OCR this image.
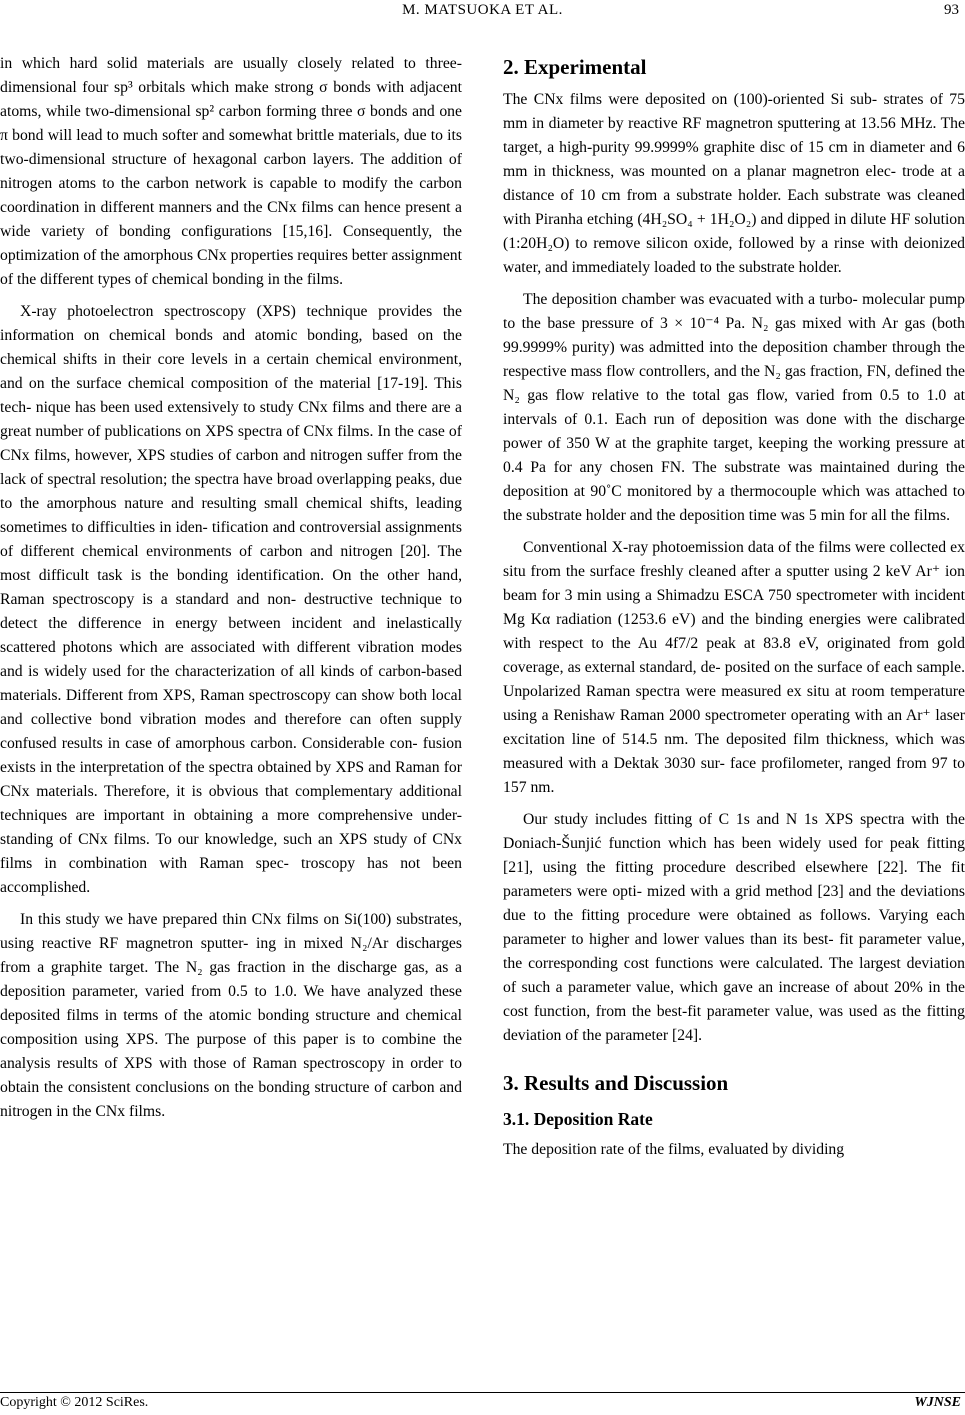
M. MATSUOKA ET AL.	93

in which hard solid materials are usually closely related to three-dimensional four sp³ orbitals which make strong σ bonds with adjacent atoms, while two-dimensional sp² carbon forming three σ bonds and one π bond will lead to much softer and somewhat brittle materials, due to its two-dimensional structure of hexagonal carbon layers. The addition of nitrogen atoms to the carbon network is capable to modify the carbon coordination in different manners and the CNx films can hence present a wide variety of bonding configurations [15,16]. Consequently, the optimization of the amorphous CNx properties requires better assignment of the different types of chemical bonding in the films.

X-ray photoelectron spectroscopy (XPS) technique provides the information on chemical bonds and atomic bonding, based on the chemical shifts in their core levels in a certain chemical environment, and on the surface chemical composition of the material [17-19]. This tech- nique has been used extensively to study CNx films and there are a great number of publications on XPS spectra of CNx films. In the case of CNx films, however, XPS studies of carbon and nitrogen suffer from the lack of spectral resolution; the spectra have broad overlapping peaks, due to the amorphous nature and resulting small chemical shifts, leading sometimes to difficulties in iden- tification and controversial assignments of different chemical environments of carbon and nitrogen [20]. The most difficult task is the bonding identification. On the other hand, Raman spectroscopy is a standard and non- destructive technique to detect the difference in energy between incident and inelastically scattered photons which are associated with different vibration modes and is widely used for the characterization of all kinds of carbon-based materials. Different from XPS, Raman spectroscopy can show both local and collective bond vibration modes and therefore can often supply confused results in case of amorphous carbon. Considerable con- fusion exists in the interpretation of the spectra obtained by XPS and Raman for CNx materials. Therefore, it is obvious that complementary additional techniques are important in obtaining a more comprehensive under- standing of CNx films. To our knowledge, such an XPS study of CNx films in combination with Raman spec- troscopy has not been accomplished.

In this study we have prepared thin CNx films on Si(100) substrates, using reactive RF magnetron sputter- ing in mixed N₂/Ar discharges from a graphite target. The N₂ gas fraction in the discharge gas, as a deposition parameter, varied from 0.5 to 1.0. We have analyzed these deposited films in terms of the atomic bonding structure and chemical composition using XPS. The purpose of this paper is to combine the analysis results of XPS with those of Raman spectroscopy in order to obtain the consistent conclusions on the bonding structure of carbon and nitrogen in the CNx films.

2. Experimental

The CNx films were deposited on (100)-oriented Si sub- strates of 75 mm in diameter by reactive RF magnetron sputtering at 13.56 MHz. The target, a high-purity 99.9999% graphite disc of 15 cm in diameter and 6 mm in thickness, was mounted on a planar magnetron elec- trode at a distance of 10 cm from a substrate holder. Each substrate was cleaned with Piranha etching (4H₂SO₄ + 1H₂O₂) and dipped in dilute HF solution (1:20H₂O) to remove silicon oxide, followed by a rinse with deionized water, and immediately loaded to the substrate holder.

The deposition chamber was evacuated with a turbo- molecular pump to the base pressure of 3 × 10⁻⁴ Pa. N₂ gas mixed with Ar gas (both 99.9999% purity) was admitted into the deposition chamber through the respective mass flow controllers, and the N₂ gas fraction, FN, defined the N₂ gas flow relative to the total gas flow, varied from 0.5 to 1.0 at intervals of 0.1. Each run of deposition was done with the discharge power of 350 W at the graphite target, keeping the working pressure at 0.4 Pa for any chosen FN. The substrate was maintained during the deposition at 90˚C monitored by a thermocouple which was attached to the substrate holder and the deposition time was 5 min for all the films.

Conventional X-ray photoemission data of the films were collected ex situ from the surface freshly cleaned after a sputter using 2 keV Ar⁺ ion beam for 3 min using a Shimadzu ESCA 750 spectrometer with incident Mg Kα radiation (1253.6 eV) and the binding energies were calibrated with respect to the Au 4f7/2 peak at 83.8 eV, originated from gold coverage, as external standard, de- posited on the surface of each sample. Unpolarized Raman spectra were measured ex situ at room temperature using a Renishaw Raman 2000 spectrometer operating with an Ar⁺ laser excitation line of 514.5 nm. The deposited film thickness, which was measured with a Dektak 3030 sur- face profilometer, ranged from 97 to 157 nm.

Our study includes fitting of C 1s and N 1s XPS spectra with the Doniach-Šunjić function which has been widely used for peak fitting [21], using the fitting procedure described elsewhere [22]. The fit parameters were opti- mized with a grid method [23] and the deviations due to the fitting procedure were obtained as follows. Varying each parameter to higher and lower values than its best- fit parameter value, the corresponding cost functions were calculated. The largest deviation of such a parameter value, which gave an increase of about 20% in the cost function, from the best-fit parameter value, was used as the fitting deviation of the parameter [24].

3. Results and Discussion
3.1. Deposition Rate

The deposition rate of the films, evaluated by dividing

Copyright © 2012 SciRes.	WJNSE
